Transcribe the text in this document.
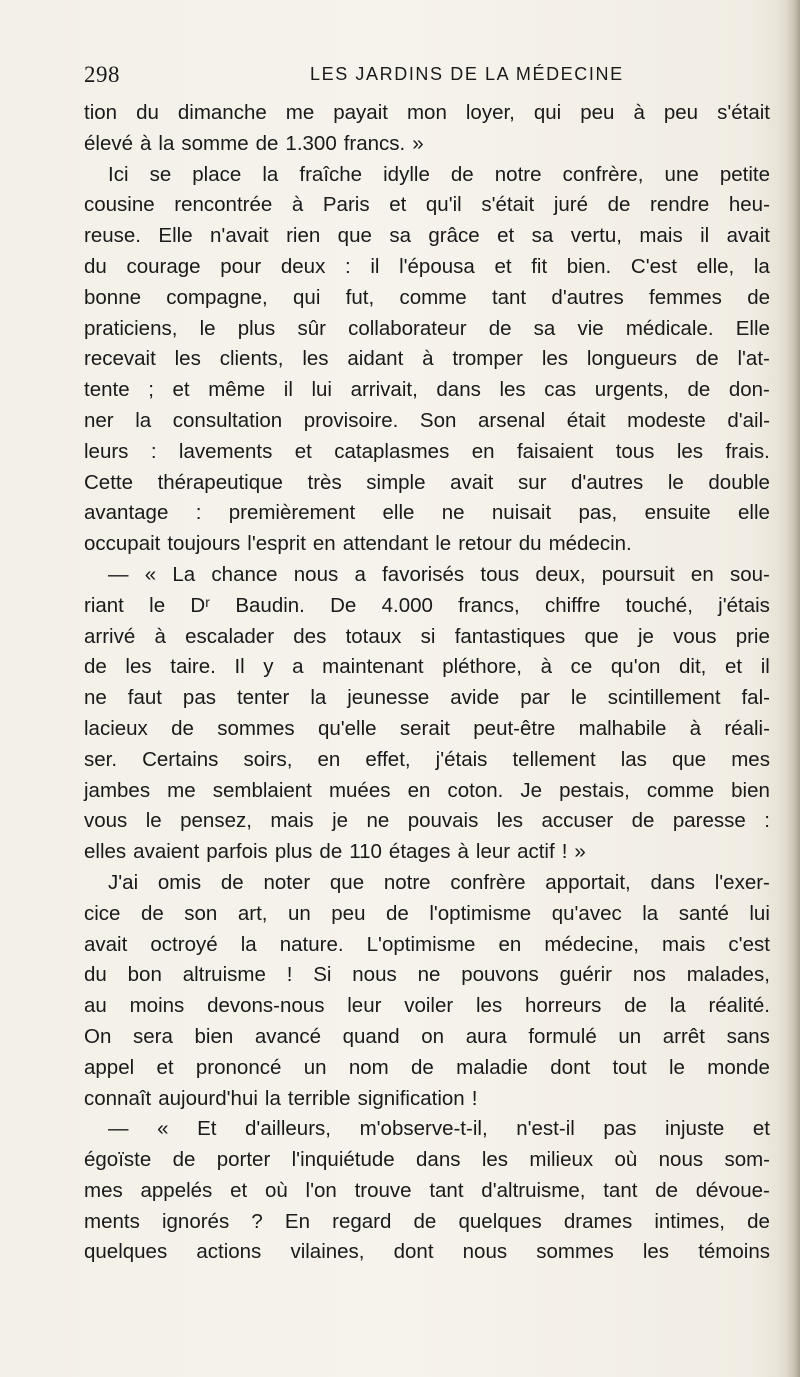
298	LES JARDINS DE LA MÉDECINE
tion du dimanche me payait mon loyer, qui peu à peu s'était
élevé à la somme de 1.300 francs. »
Ici se place la fraîche idylle de notre confrère, une petite
cousine rencontrée à Paris et qu'il s'était juré de rendre heu-
reuse. Elle n'avait rien que sa grâce et sa vertu, mais il avait
du courage pour deux : il l'épousa et fit bien. C'est elle, la
bonne compagne, qui fut, comme tant d'autres femmes de
praticiens, le plus sûr collaborateur de sa vie médicale. Elle
recevait les clients, les aidant à tromper les longueurs de l'at-
tente ; et même il lui arrivait, dans les cas urgents, de don-
ner la consultation provisoire. Son arsenal était modeste d'ail-
leurs : lavements et cataplasmes en faisaient tous les frais.
Cette thérapeutique très simple avait sur d'autres le double
avantage : premièrement elle ne nuisait pas, ensuite elle
occupait toujours l'esprit en attendant le retour du médecin.
— « La chance nous a favorisés tous deux, poursuit en sou-
riant le Dʳ Baudin. De 4.000 francs, chiffre touché, j'étais
arrivé à escalader des totaux si fantastiques que je vous prie
de les taire. Il y a maintenant pléthore, à ce qu'on dit, et il
ne faut pas tenter la jeunesse avide par le scintillement fal-
lacieux de sommes qu'elle serait peut-être malhabile à réali-
ser. Certains soirs, en effet, j'étais tellement las que mes
jambes me semblaient muées en coton. Je pestais, comme bien
vous le pensez, mais je ne pouvais les accuser de paresse :
elles avaient parfois plus de 110 étages à leur actif ! »
J'ai omis de noter que notre confrère apportait, dans l'exer-
cice de son art, un peu de l'optimisme qu'avec la santé lui
avait octroyé la nature. L'optimisme en médecine, mais c'est
du bon altruisme ! Si nous ne pouvons guérir nos malades,
au moins devons-nous leur voiler les horreurs de la réalité.
On sera bien avancé quand on aura formulé un arrêt sans
appel et prononcé un nom de maladie dont tout le monde
connaît aujourd'hui la terrible signification !
— « Et d'ailleurs, m'observe-t-il, n'est-il pas injuste et
égoïste de porter l'inquiétude dans les milieux où nous som-
mes appelés et où l'on trouve tant d'altruisme, tant de dévoue-
ments ignorés ? En regard de quelques drames intimes, de
quelques actions vilaines, dont nous sommes les témoins
